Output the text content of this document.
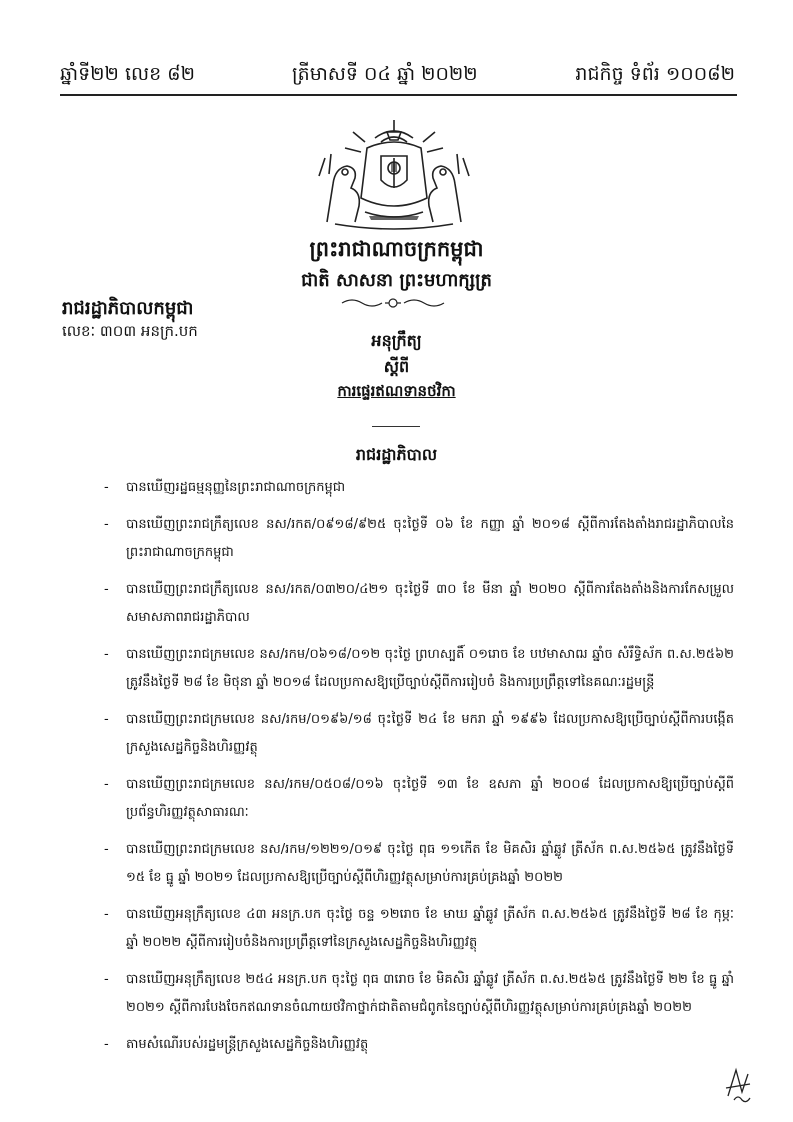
ឆ្នាំទី២២ លេខ ៨២	ត្រីមាសទី ០៤ ឆ្នាំ ២០២២	រាជកិច្ច ទំព័រ ១០០៨២
ព្រះរាជាណាចក្រកម្ពុជា
ជាតិ សាសនា ព្រះមហាក្សត្រ
រាជរដ្ឋាភិបាលកម្ពុជា
លេខៈ ៣០៣ អនក្រ.បក	អនុក្រឹត្យ
ស្តីពី
ការផ្ទេរឥណទានថវិកា
រាជរដ្ឋាភិបាល
- បានឃើញរដ្ឋធម្មនុញ្ញនៃព្រះរាជាណាចក្រកម្ពុជា
- បានឃើញព្រះរាជក្រឹត្យលេខ នស/រកត/០៩១៨/៩២៥ ចុះថ្ងៃទី ០៦ ខែ កញ្ញា ឆ្នាំ ២០១៨ ស្តីពីការតែងតាំងរាជរដ្ឋាភិបាលនៃព្រះរាជាណាចក្រកម្ពុជា
- បានឃើញព្រះរាជក្រឹត្យលេខ នស/រកត/០៣២០/៤២១ ចុះថ្ងៃទី ៣០ ខែ មីនា ឆ្នាំ ២០២០ ស្តីពីការតែងតាំងនិងការកែសម្រួលសមាសភាពរាជរដ្ឋាភិបាល
- បានឃើញព្រះរាជក្រមលេខ នស/រកម/០៦១៨/០១២ ចុះថ្ងៃ ព្រហស្បតិ៍ ០១រោច ខែ បឋមាសាឍ ឆ្នាំច សំរឹទ្ធិស័ក ព.ស.២៥៦២ ត្រូវនឹងថ្ងៃទី ២៨ ខែ មិថុនា ឆ្នាំ ២០១៨ ដែលប្រកាសឱ្យប្រើច្បាប់ស្តីពីការរៀបចំ និងការប្រព្រឹត្តទៅនៃគណៈរដ្ឋមន្ត្រី
- បានឃើញព្រះរាជក្រមលេខ នស/រកម/០១៩៦/១៨ ចុះថ្ងៃទី ២៤ ខែ មករា ឆ្នាំ ១៩៩៦ ដែលប្រកាសឱ្យប្រើច្បាប់ស្តីពីការបង្កើតក្រសួងសេដ្ឋកិច្ចនិងហិរញ្ញវត្ថុ
- បានឃើញព្រះរាជក្រមលេខ នស/រកម/០៥០៨/០១៦ ចុះថ្ងៃទី ១៣ ខែ ឧសភា ឆ្នាំ ២០០៨ ដែលប្រកាសឱ្យប្រើច្បាប់ស្តីពីប្រព័ន្ធហិរញ្ញវត្ថុសាធារណៈ
- បានឃើញព្រះរាជក្រមលេខ នស/រកម/១២២១/០១៩ ចុះថ្ងៃ ពុធ ១១កើត ខែ មិគសិរ ឆ្នាំឆ្លូវ ត្រីស័ក ព.ស.២៥៦៥ ត្រូវនឹងថ្ងៃទី ១៥ ខែ ធ្នូ ឆ្នាំ ២០២១ ដែលប្រកាសឱ្យប្រើច្បាប់ស្តីពីហិរញ្ញវត្ថុសម្រាប់ការគ្រប់គ្រងឆ្នាំ ២០២២
- បានឃើញអនុក្រឹត្យលេខ ៤៣ អនក្រ.បក ចុះថ្ងៃ ចន្ទ ១២រោច ខែ មាឃ ឆ្នាំឆ្លូវ ត្រីស័ក ព.ស.២៥៦៥ ត្រូវនឹងថ្ងៃទី ២៨ ខែ កុម្ភៈ ឆ្នាំ ២០២២ ស្តីពីការរៀបចំនិងការប្រព្រឹត្តទៅនៃក្រសួងសេដ្ឋកិច្ចនិងហិរញ្ញវត្ថុ
- បានឃើញអនុក្រឹត្យលេខ ២៥៤ អនក្រ.បក ចុះថ្ងៃ ពុធ ៣រោច ខែ មិគសិរ ឆ្នាំឆ្លូវ ត្រីស័ក ព.ស.២៥៦៥ ត្រូវនឹងថ្ងៃទី ២២ ខែ ធ្នូ ឆ្នាំ ២០២១ ស្តីពីការបែងចែកឥណទានចំណាយថវិកាថ្នាក់ជាតិតាមជំពូកនៃច្បាប់ស្តីពីហិរញ្ញវត្ថុសម្រាប់ការគ្រប់គ្រងឆ្នាំ ២០២២
- តាមសំណើរបស់រដ្ឋមន្ត្រីក្រសួងសេដ្ឋកិច្ចនិងហិរញ្ញវត្ថុ
